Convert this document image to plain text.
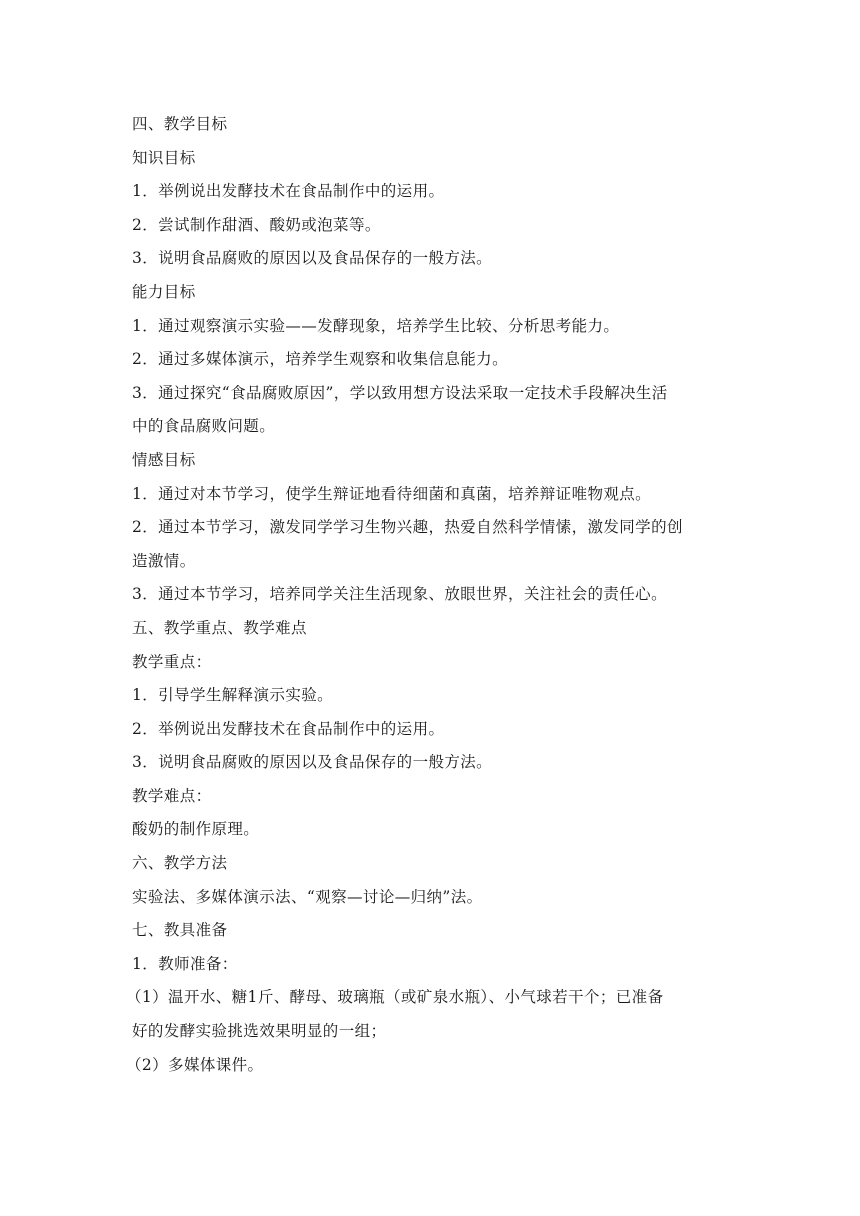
四、教学目标
知识目标
1．举例说出发酵技术在食品制作中的运用。
2．尝试制作甜酒、酸奶或泡菜等。
3．说明食品腐败的原因以及食品保存的一般方法。
能力目标
1．通过观察演示实验——发酵现象，培养学生比较、分析思考能力。
2．通过多媒体演示，培养学生观察和收集信息能力。
3．通过探究“食品腐败原因”，学以致用想方设法采取一定技术手段解决生活
中的食品腐败问题。
情感目标
1．通过对本节学习，使学生辩证地看待细菌和真菌，培养辩证唯物观点。
2．通过本节学习，激发同学学习生物兴趣，热爱自然科学情愫，激发同学的创
造激情。
3．通过本节学习，培养同学关注生活现象、放眼世界，关注社会的责任心。
五、教学重点、教学难点
教学重点：
1．引导学生解释演示实验。
2．举例说出发酵技术在食品制作中的运用。
3．说明食品腐败的原因以及食品保存的一般方法。
教学难点：
酸奶的制作原理。
六、教学方法
实验法、多媒体演示法、“观察—讨论—归纳”法。
七、教具准备
1．教师准备：
（1）温开水、糖1斤、酵母、玻璃瓶（或矿泉水瓶）、小气球若干个；已准备
好的发酵实验挑选效果明显的一组；
（2）多媒体课件。
